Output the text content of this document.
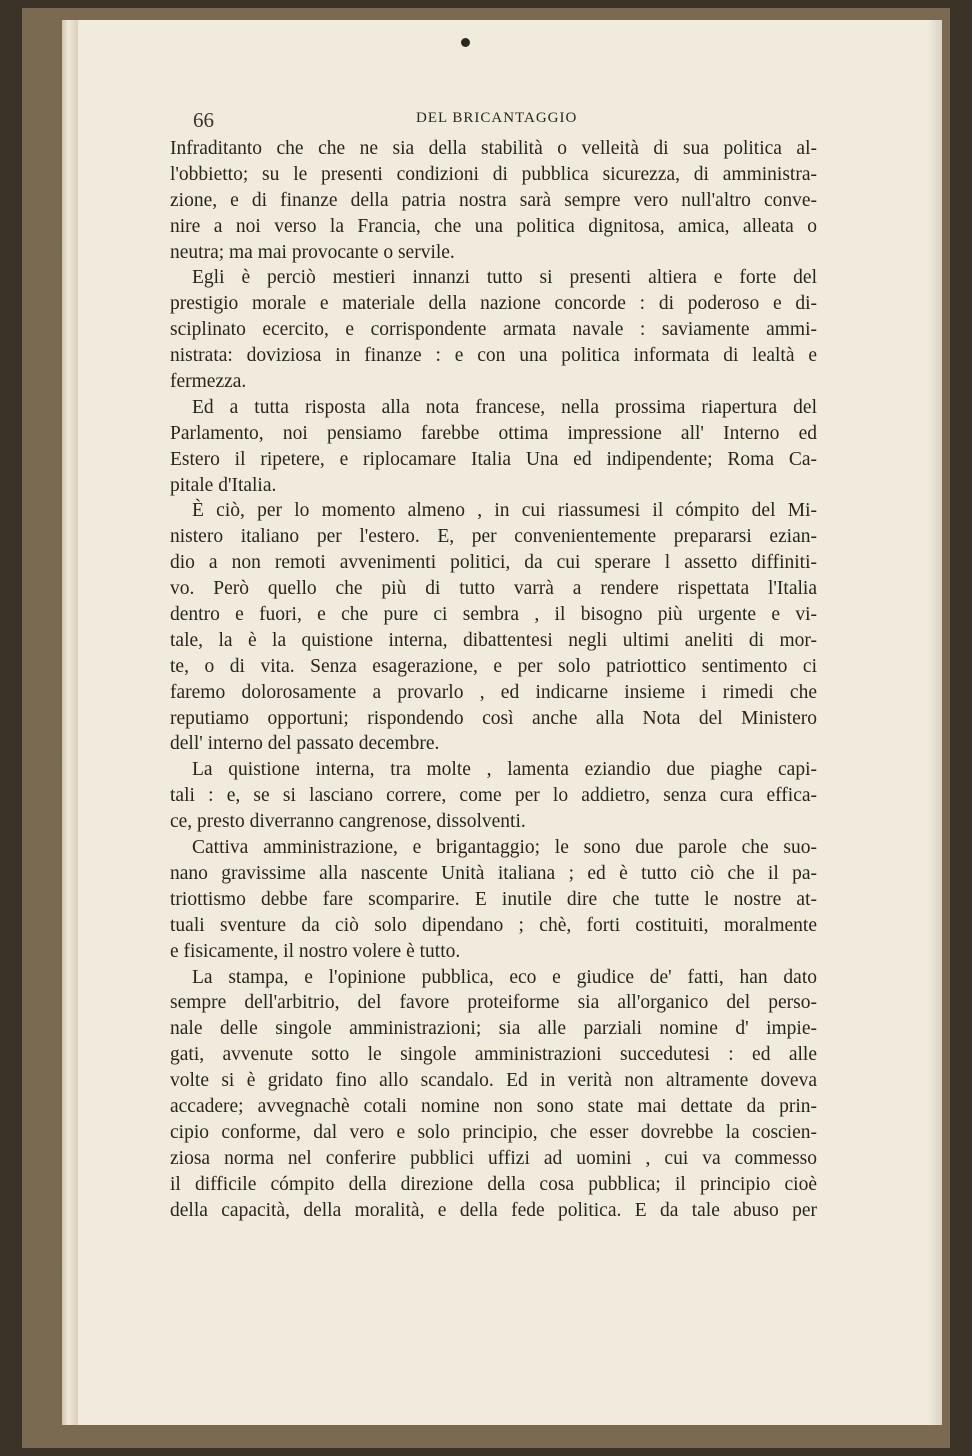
66	DEL BRICANTAGGIO
Infraditanto che che ne sia della stabilità o velleità di sua politica al-
l'obbietto; su le presenti condizioni di pubblica sicurezza, di amministra-
zione, e di finanze della patria nostra sarà sempre vero null'altro conve-
nire a noi verso la Francia, che una politica dignitosa, amica, alleata o
neutra; ma mai provocante o servile.
Egli è perciò mestieri innanzi tutto si presenti altiera e forte del
prestigio morale e materiale della nazione concorde : di poderoso e di-
sciplinato ecercito, e corrispondente armata navale : saviamente ammi-
nistrata: doviziosa in finanze : e con una politica informata di lealtà e
fermezza.
Ed a tutta risposta alla nota francese, nella prossima riapertura del
Parlamento, noi pensiamo farebbe ottima impressione all' Interno ed
Estero il ripetere, e riplocamare Italia Una ed indipendente; Roma Ca-
pitale d'Italia.
È ciò, per lo momento almeno , in cui riassumesi il cómpito del Mi-
nistero italiano per l'estero. E, per convenientemente prepararsi ezian-
dio a non remoti avvenimenti politici, da cui sperare l assetto diffiniti-
vo. Però quello che più di tutto varrà a rendere rispettata l'Italia
dentro e fuori, e che pure ci sembra , il bisogno più urgente e vi-
tale, la è la quistione interna, dibattentesi negli ultimi aneliti di mor-
te, o di vita. Senza esagerazione, e per solo patriottico sentimento ci
faremo dolorosamente a provarlo , ed indicarne insieme i rimedi che
reputiamo opportuni; rispondendo così anche alla Nota del Ministero
dell' interno del passato decembre.
La quistione interna, tra molte , lamenta eziandio due piaghe capi-
tali : e, se si lasciano correre, come per lo addietro, senza cura effica-
ce, presto diverranno cangrenose, dissolventi.
Cattiva amministrazione, e brigantaggio; le sono due parole che suo-
nano gravissime alla nascente Unità italiana ; ed è tutto ciò che il pa-
triottismo debbe fare scomparire. E inutile dire che tutte le nostre at-
tuali sventure da ciò solo dipendano ; chè, forti costituiti, moralmente
e fisicamente, il nostro volere è tutto.
La stampa, e l'opinione pubblica, eco e giudice de' fatti, han dato
sempre dell'arbitrio, del favore proteiforme sia all'organico del perso-
nale delle singole amministrazioni; sia alle parziali nomine d' impie-
gati, avvenute sotto le singole amministrazioni succedutesi : ed alle
volte si è gridato fino allo scandalo. Ed in verità non altramente doveva
accadere; avvegnachè cotali nomine non sono state mai dettate da prin-
cipio conforme, dal vero e solo principio, che esser dovrebbe la coscien-
ziosa norma nel conferire pubblici uffizi ad uomini , cui va commesso
il difficile cómpito della direzione della cosa pubblica; il principio cioè
della capacità, della moralità, e della fede politica. E da tale abuso per
